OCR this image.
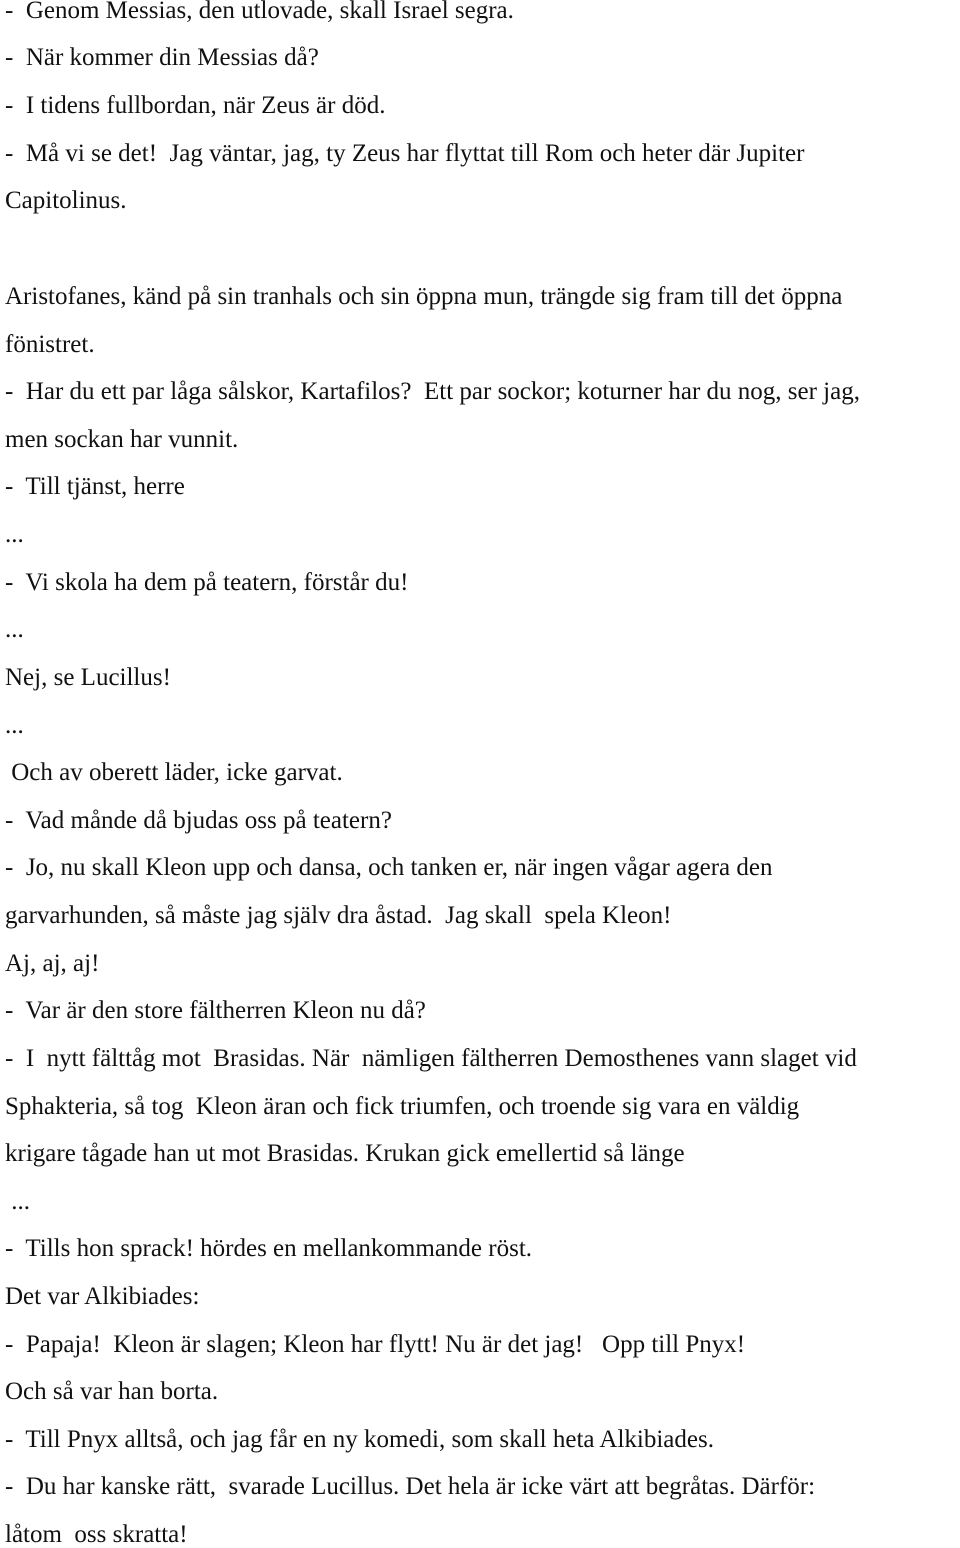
-  Genom Messias, den utlovade, skall Israel segra.

-  När kommer din Messias då?

-  I tidens fullbordan, när Zeus är död.

-  Må vi se det!  Jag väntar, jag, ty Zeus har flyttat till Rom och heter där Jupiter

Capitolinus.

Aristofanes, känd på sin tranhals och sin öppna mun, trängde sig fram till det öppna

fönistret.

-  Har du ett par låga sålskor, Kartafilos?  Ett par sockor; koturner har du nog, ser jag,

men sockan har vunnit.

-  Till tjänst, herre

...

-  Vi skola ha dem på teatern, förstår du!

...

Nej, se Lucillus!

...

Och av oberett läder, icke garvat.

-  Vad månde då bjudas oss på teatern?

-  Jo, nu skall Kleon upp och dansa, och tanken er, när ingen vågar agera den

garvarhunden, så måste jag själv dra åstad.  Jag skall  spela Kleon!

Aj, aj, aj!

-  Var är den store fältherren Kleon nu då?

-  I  nytt fälttåg mot  Brasidas. När  nämligen fältherren Demosthenes vann slaget vid

Sphakteria, så tog  Kleon äran och fick triumfen, och troende sig vara en väldig

krigare tågade han ut mot Brasidas. Krukan gick emellertid så länge

...

-  Tills hon sprack! hördes en mellankommande röst.

Det var Alkibiades:

-  Papaja!  Kleon är slagen; Kleon har flytt! Nu är det jag!   Opp till Pnyx!

Och så var han borta.

-  Till Pnyx alltså, och jag får en ny komedi, som skall heta Alkibiades.

-  Du har kanske rätt,  svarade Lucillus. Det hela är icke värt att begråtas. Därför:

låtom  oss skratta!
